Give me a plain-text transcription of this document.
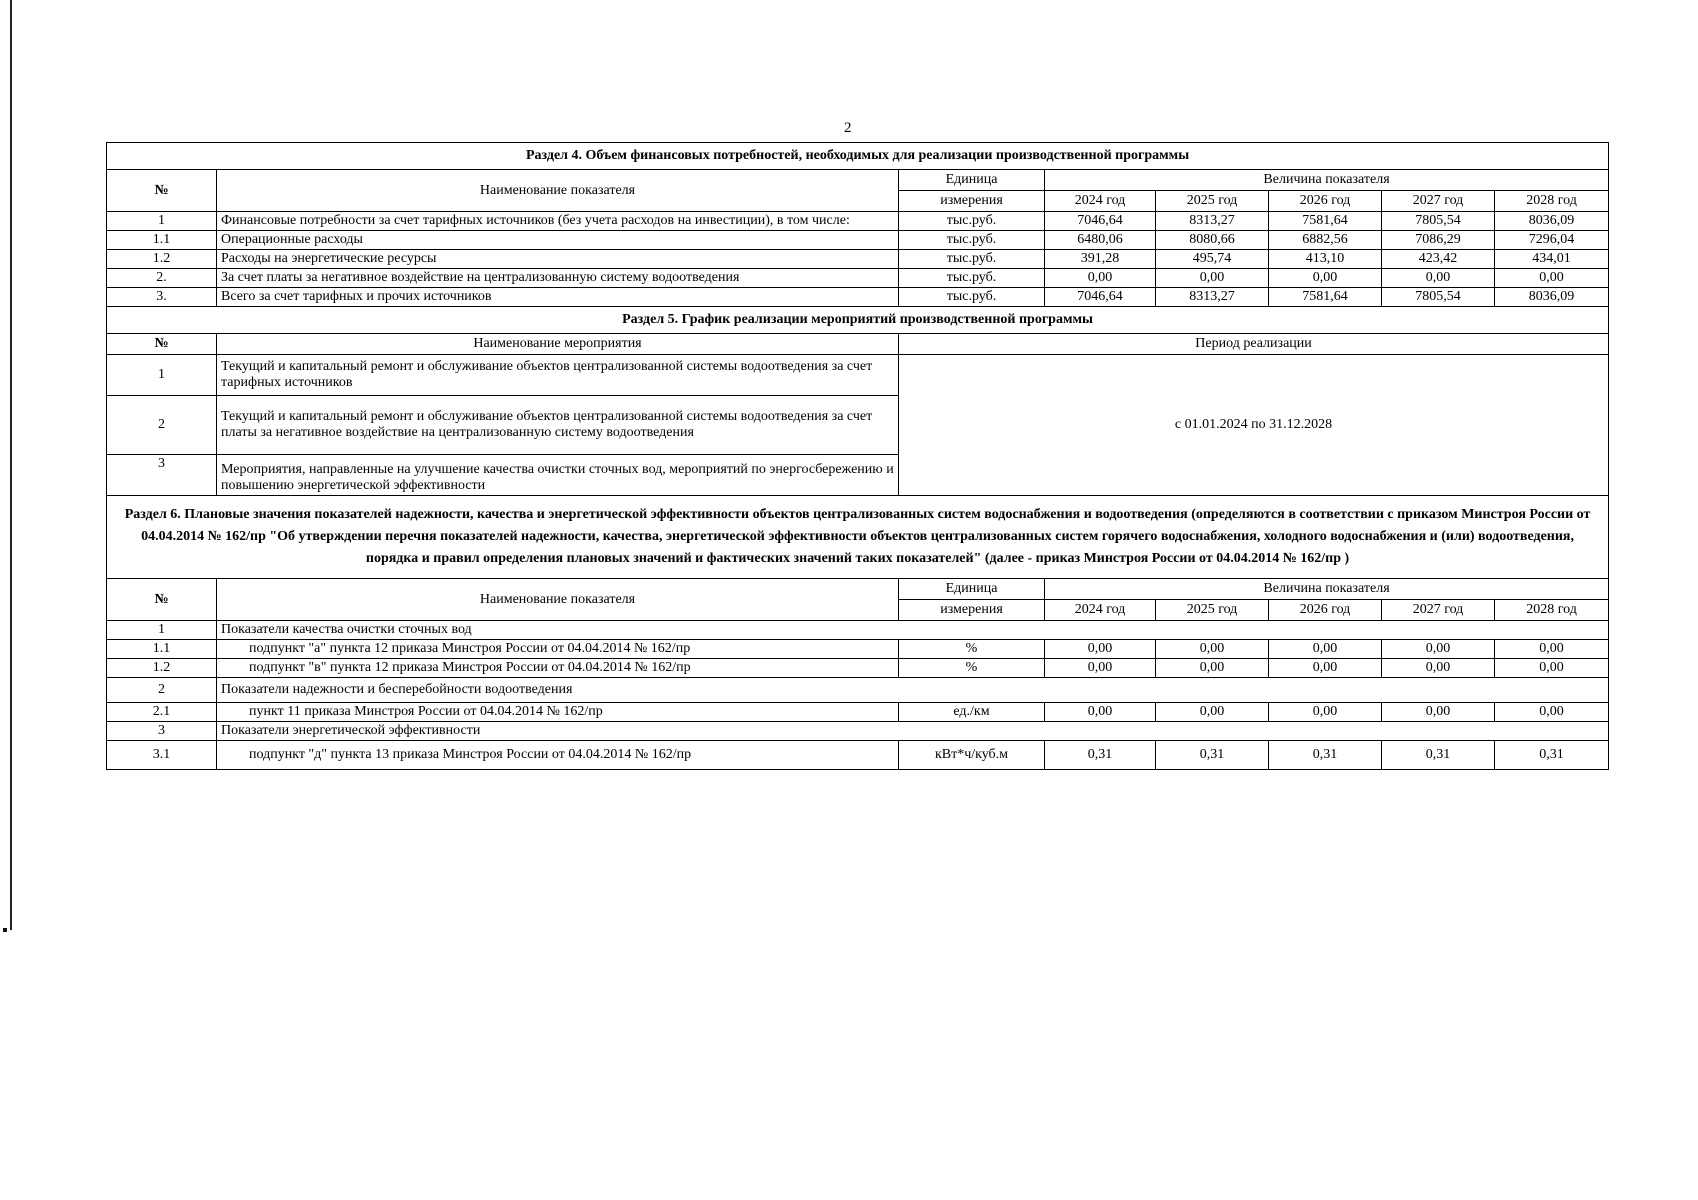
2
Раздел 4. Объем финансовых потребностей, необходимых для реализации производственной программы							
№	Наименование показателя	Единица	Величина показателя				
		измерения	2024 год	2025 год	2026 год	2027 год	2028 год
1	Финансовые потребности за счет тарифных источников (без учета расходов на инвестиции), в том числе:	тыс.руб.	7046,64	8313,27	7581,64	7805,54	8036,09
1.1	Операционные расходы	тыс.руб.	6480,06	8080,66	6882,56	7086,29	7296,04
1.2	Расходы на энергетические ресурсы	тыс.руб.	391,28	495,74	413,10	423,42	434,01
2.	За счет платы за негативное воздействие на централизованную систему водоотведения	тыс.руб.	0,00	0,00	0,00	0,00	0,00
3.	Всего за счет тарифных и прочих источников	тыс.руб.	7046,64	8313,27	7581,64	7805,54	8036,09
Раздел 5. График реализации мероприятий производственной программы							
№	Наименование мероприятия	Период реализации					
1	Текущий и капитальный ремонт и обслуживание объектов централизованной системы водоотведения за счет тарифных источников	с 01.01.2024 по 31.12.2028					
2	Текущий и капитальный ремонт и обслуживание объектов централизованной системы водоотведения за счет платы за негативное воздействие на централизованную систему водоотведения						
3	Мероприятия, направленные на улучшение качества очистки сточных вод, мероприятий по энергосбережению и повышению энергетической эффективности						
Раздел 6. Плановые значения показателей надежности, качества и энергетической эффективности объектов централизованных систем водоснабжения и водоотведения (определяются в соответствии с приказом Минстроя России от 04.04.2014 № 162/пр "Об утверждении перечня показателей надежности, качества, энергетической эффективности объектов централизованных систем горячего водоснабжения, холодного водоснабжения и (или) водоотведения, порядка и правил определения плановых значений и фактических значений таких показателей" (далее - приказ Минстроя России от 04.04.2014 № 162/пр )							
№	Наименование показателя	Единица	Величина показателя				
		измерения	2024 год	2025 год	2026 год	2027 год	2028 год
1	Показатели качества очистки сточных вод						
1.1	подпункт "а" пункта 12 приказа Минстроя России от 04.04.2014 № 162/пр	%	0,00	0,00	0,00	0,00	0,00
1.2	подпункт "в" пункта 12 приказа Минстроя России от 04.04.2014 № 162/пр	%	0,00	0,00	0,00	0,00	0,00
2	Показатели надежности и бесперебойности водоотведения						
2.1	пункт 11 приказа Минстроя России от 04.04.2014 № 162/пр	ед./км	0,00	0,00	0,00	0,00	0,00
3	Показатели энергетической эффективности						
3.1	подпункт "д" пункта 13 приказа Минстроя России от 04.04.2014 № 162/пр	кВт*ч/куб.м	0,31	0,31	0,31	0,31	0,31
